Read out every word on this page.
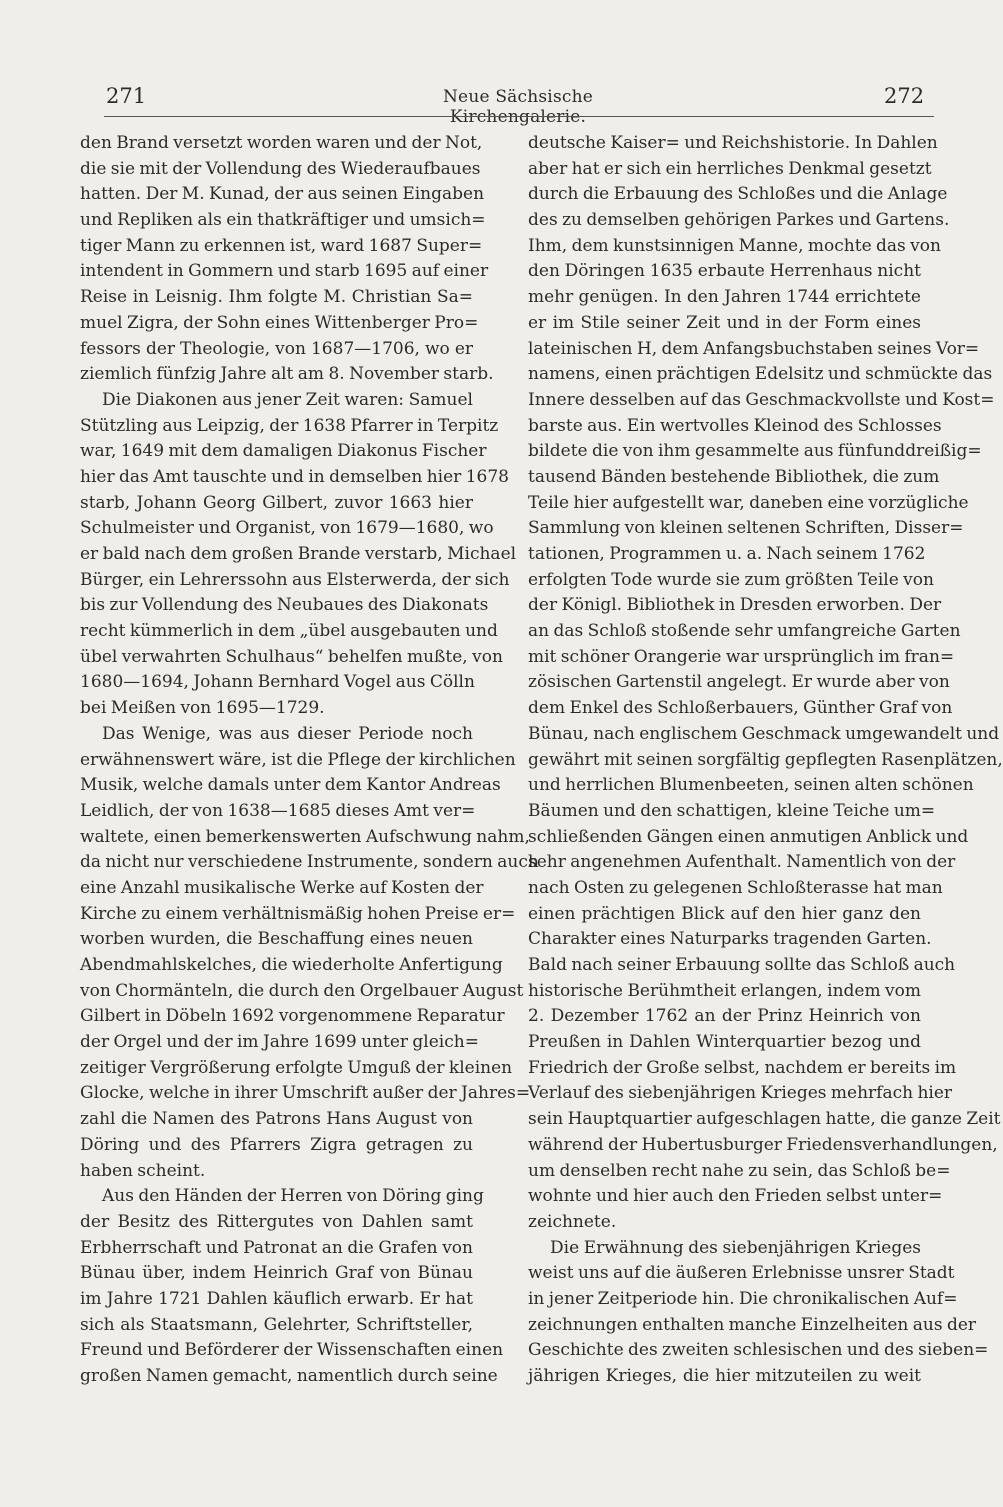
271	Neue Sächsische Kirchengalerie.
272
den Brand versetzt worden waren und der Not,
die sie mit der Vollendung des Wiederaufbaues
hatten. Der M. Kunad, der aus seinen Eingaben
und Repliken als ein thatkräftiger und umsich=
tiger Mann zu erkennen ist, ward 1687 Super=
intendent in Gommern und starb 1695 auf einer
Reise in Leisnig. Ihm folgte M. Christian Sa=
muel Zigra, der Sohn eines Wittenberger Pro=
fessors der Theologie, von 1687—1706, wo er
ziemlich fünfzig Jahre alt am 8. November starb.
Die Diakonen aus jener Zeit waren: Samuel
Stützling aus Leipzig, der 1638 Pfarrer in Terpitz
war, 1649 mit dem damaligen Diakonus Fischer
hier das Amt tauschte und in demselben hier 1678
starb, Johann Georg Gilbert, zuvor 1663 hier
Schulmeister und Organist, von 1679—1680, wo
er bald nach dem großen Brande verstarb, Michael
Bürger, ein Lehrerssohn aus Elsterwerda, der sich
bis zur Vollendung des Neubaues des Diakonats
recht kümmerlich in dem „übel ausgebauten und
übel verwahrten Schulhaus“ behelfen mußte, von
1680—1694, Johann Bernhard Vogel aus Cölln
bei Meißen von 1695—1729.
Das Wenige, was aus dieser Periode noch
erwähnenswert wäre, ist die Pflege der kirchlichen
Musik, welche damals unter dem Kantor Andreas
Leidlich, der von 1638—1685 dieses Amt ver=
waltete, einen bemerkenswerten Aufschwung nahm,
da nicht nur verschiedene Instrumente, sondern auch
eine Anzahl musikalische Werke auf Kosten der
Kirche zu einem verhältnismäßig hohen Preise er=
worben wurden, die Beschaffung eines neuen
Abendmahlskelches, die wiederholte Anfertigung
von Chormänteln, die durch den Orgelbauer August
Gilbert in Döbeln 1692 vorgenommene Reparatur
der Orgel und der im Jahre 1699 unter gleich=
zeitiger Vergrößerung erfolgte Umguß der kleinen
Glocke, welche in ihrer Umschrift außer der Jahres=
zahl die Namen des Patrons Hans August von
Döring und des Pfarrers Zigra getragen zu
haben scheint.
Aus den Händen der Herren von Döring ging
der Besitz des Rittergutes von Dahlen samt
Erbherrschaft und Patronat an die Grafen von
Bünau über, indem Heinrich Graf von Bünau
im Jahre 1721 Dahlen käuflich erwarb. Er hat
sich als Staatsmann, Gelehrter, Schriftsteller,
Freund und Beförderer der Wissenschaften einen
großen Namen gemacht, namentlich durch seine
deutsche Kaiser= und Reichshistorie. In Dahlen
aber hat er sich ein herrliches Denkmal gesetzt
durch die Erbauung des Schloßes und die Anlage
des zu demselben gehörigen Parkes und Gartens.
Ihm, dem kunstsinnigen Manne, mochte das von
den Döringen 1635 erbaute Herrenhaus nicht
mehr genügen. In den Jahren 1744 errichtete
er im Stile seiner Zeit und in der Form eines
lateinischen H, dem Anfangsbuchstaben seines Vor=
namens, einen prächtigen Edelsitz und schmückte das
Innere desselben auf das Geschmackvollste und Kost=
barste aus. Ein wertvolles Kleinod des Schlosses
bildete die von ihm gesammelte aus fünfunddreißig=
tausend Bänden bestehende Bibliothek, die zum
Teile hier aufgestellt war, daneben eine vorzügliche
Sammlung von kleinen seltenen Schriften, Disser=
tationen, Programmen u. a. Nach seinem 1762
erfolgten Tode wurde sie zum größten Teile von
der Königl. Bibliothek in Dresden erworben. Der
an das Schloß stoßende sehr umfangreiche Garten
mit schöner Orangerie war ursprünglich im fran=
zösischen Gartenstil angelegt. Er wurde aber von
dem Enkel des Schloßerbauers, Günther Graf von
Bünau, nach englischem Geschmack umgewandelt und
gewährt mit seinen sorgfältig gepflegten Rasenplätzen,
und herrlichen Blumenbeeten, seinen alten schönen
Bäumen und den schattigen, kleine Teiche um=
schließenden Gängen einen anmutigen Anblick und
sehr angenehmen Aufenthalt. Namentlich von der
nach Osten zu gelegenen Schloßterasse hat man
einen prächtigen Blick auf den hier ganz den
Charakter eines Naturparks tragenden Garten.
Bald nach seiner Erbauung sollte das Schloß auch
historische Berühmtheit erlangen, indem vom
2. Dezember 1762 an der Prinz Heinrich von
Preußen in Dahlen Winterquartier bezog und
Friedrich der Große selbst, nachdem er bereits im
Verlauf des siebenjährigen Krieges mehrfach hier
sein Hauptquartier aufgeschlagen hatte, die ganze Zeit
während der Hubertusburger Friedensverhandlungen,
um denselben recht nahe zu sein, das Schloß be=
wohnte und hier auch den Frieden selbst unter=
zeichnete.
Die Erwähnung des siebenjährigen Krieges
weist uns auf die äußeren Erlebnisse unsrer Stadt
in jener Zeitperiode hin. Die chronikalischen Auf=
zeichnungen enthalten manche Einzelheiten aus der
Geschichte des zweiten schlesischen und des sieben=
jährigen Krieges, die hier mitzuteilen zu weit
